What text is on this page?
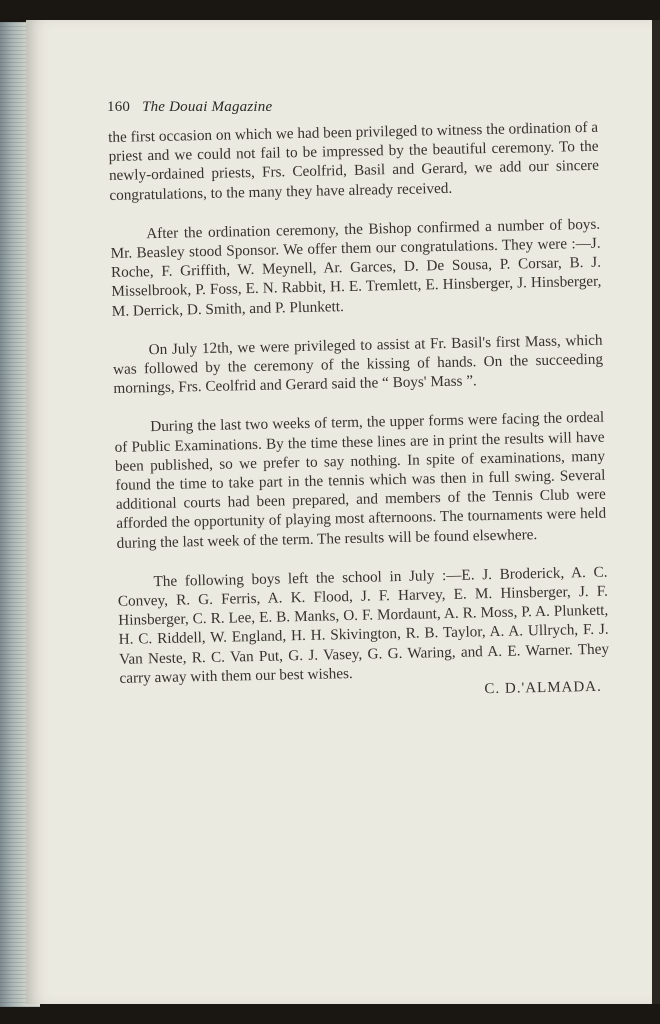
160 The Douai Magazine

the first occasion on which we had been privileged to witness the ordination of a priest and we could not fail to be impressed by the beautiful ceremony. To the newly-ordained priests, Frs. Ceolfrid, Basil and Gerard, we add our sincere congratulations, to the many they have already received.

After the ordination ceremony, the Bishop confirmed a number of boys. Mr. Beasley stood Sponsor. We offer them our congratulations. They were :—J. Roche, F. Griffith, W. Meynell, Ar. Garces, D. De Sousa, P. Corsar, B. J. Misselbrook, P. Foss, E. N. Rabbit, H. E. Tremlett, E. Hinsberger, J. Hinsberger, M. Derrick, D. Smith, and P. Plunkett.

On July 12th, we were privileged to assist at Fr. Basil's first Mass, which was followed by the ceremony of the kissing of hands. On the succeeding mornings, Frs. Ceolfrid and Gerard said the “ Boys' Mass ”.

During the last two weeks of term, the upper forms were facing the ordeal of Public Examinations. By the time these lines are in print the results will have been published, so we prefer to say nothing. In spite of examinations, many found the time to take part in the tennis which was then in full swing. Several additional courts had been prepared, and members of the Tennis Club were afforded the opportunity of playing most afternoons. The tournaments were held during the last week of the term. The results will be found elsewhere.

The following boys left the school in July :—E. J. Broderick, A. C. Convey, R. G. Ferris, A. K. Flood, J. F. Harvey, E. M. Hinsberger, J. F. Hinsberger, C. R. Lee, E. B. Manks, O. F. Mordaunt, A. R. Moss, P. A. Plunkett, H. C. Riddell, W. England, H. H. Skivington, R. B. Taylor, A. A. Ullrych, F. J. Van Neste, R. C. Van Put, G. J. Vasey, G. G. Waring, and A. E. Warner. They carry away with them our best wishes.

C. D.'ALMADA.
